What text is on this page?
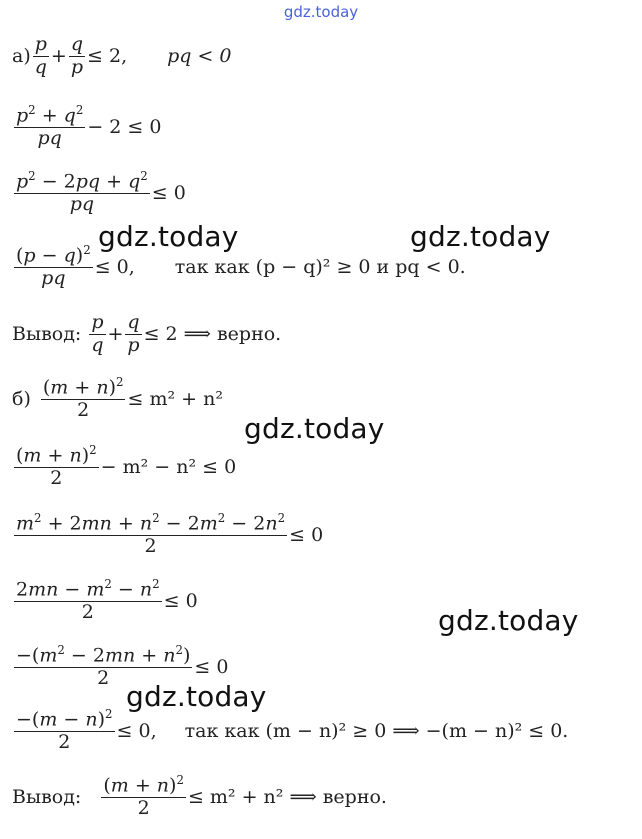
gdz.today
$а) \frac{p}{q} + \frac{q}{p} \le 2$, pq < 0
$\frac{p^2 + q^2}{pq} - 2 \le 0$
$\frac{p^2 - 2pq + q^2}{pq} \le 0$
$\frac{(p - q)^2}{pq} \le 0$, так как (p − q)² ≥ 0 и pq < 0.
Вывод: $\frac{p}{q} + \frac{q}{p} \le 2$ ⟹ верно.
$б) \frac{(m + n)^2}{2} \le m^2 + n^2$
$\frac{(m + n)^2}{2} - m^2 - n^2 \le 0$
$\frac{m^2 + 2mn + n^2 - 2m^2 - 2n^2}{2} \le 0$
$\frac{2mn - m^2 - n^2}{2} \le 0$
$\frac{-(m^2 - 2mn + n^2)}{2} \le 0$
$\frac{-(m - n)^2}{2} \le 0$, так как (m − n)² ≥ 0 ⟹ −(m − n)² ≤ 0.
Вывод: $\frac{(m + n)^2}{2} \le m^2 + n^2$ ⟹ верно.
gdz.today	gdz.today
gdz.today
gdz.today
gdz.today
